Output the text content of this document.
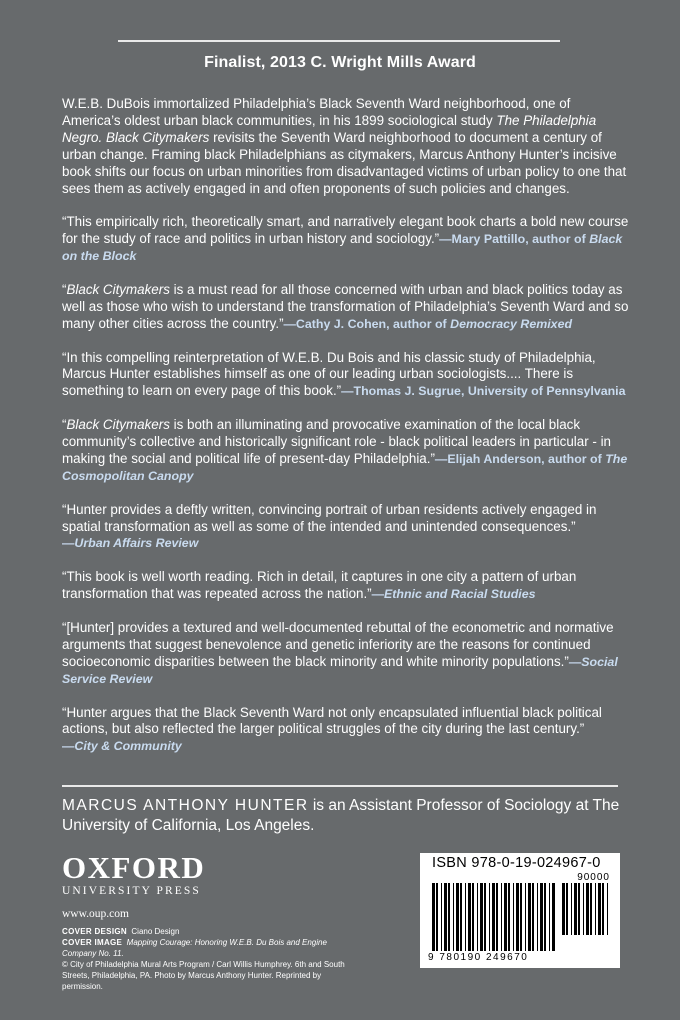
Finalist, 2013 C. Wright Mills Award

W.E.B. DuBois immortalized Philadelphia’s Black Seventh Ward neighborhood, one of America’s oldest urban black communities, in his 1899 sociological study The Philadelphia Negro. Black Citymakers revisits the Seventh Ward neighborhood to document a century of urban change. Framing black Philadelphians as citymakers, Marcus Anthony Hunter’s incisive book shifts our focus on urban minorities from disadvantaged victims of urban policy to one that sees them as actively engaged in and often proponents of such policies and changes.

“This empirically rich, theoretically smart, and narratively elegant book charts a bold new course for the study of race and politics in urban history and sociology.”—Mary Pattillo, author of Black on the Block

“Black Citymakers is a must read for all those concerned with urban and black politics today as well as those who wish to understand the transformation of Philadelphia’s Seventh Ward and so many other cities across the country.”—Cathy J. Cohen, author of Democracy Remixed

“In this compelling reinterpretation of W.E.B. Du Bois and his classic study of Philadelphia, Marcus Hunter establishes himself as one of our leading urban sociologists.... There is something to learn on every page of this book.”—Thomas J. Sugrue, University of Pennsylvania

“Black Citymakers is both an illuminating and provocative examination of the local black community’s collective and historically significant role - black political leaders in particular - in making the social and political life of present-day Philadelphia.”—Elijah Anderson, author of The Cosmopolitan Canopy

“Hunter provides a deftly written, convincing portrait of urban residents actively engaged in spatial transformation as well as some of the intended and unintended consequences.”
—Urban Affairs Review

“This book is well worth reading. Rich in detail, it captures in one city a pattern of urban transformation that was repeated across the nation.”—Ethnic and Racial Studies

“[Hunter] provides a textured and well-documented rebuttal of the econometric and normative arguments that suggest benevolence and genetic inferiority are the reasons for continued socioeconomic disparities between the black minority and white minority populations.”—Social Service Review

“Hunter argues that the Black Seventh Ward not only encapsulated influential black political actions, but also reflected the larger political struggles of the city during the last century.”
—City & Community

MARCUS ANTHONY HUNTER is an Assistant Professor of Sociology at The University of California, Los Angeles.
OXFORD
UNIVERSITY PRESS
www.oup.com
COVER DESIGN Ciano Design
COVER IMAGE Mapping Courage: Honoring W.E.B. Du Bois and Engine Company No. 11.
© City of Philadelphia Mural Arts Program / Carl Willis Humphrey. 6th and South Streets, Philadelphia, PA. Photo by Marcus Anthony Hunter. Reprinted by permission.
ISBN 978-0-19-024967-0
90000
9 780190 249670
